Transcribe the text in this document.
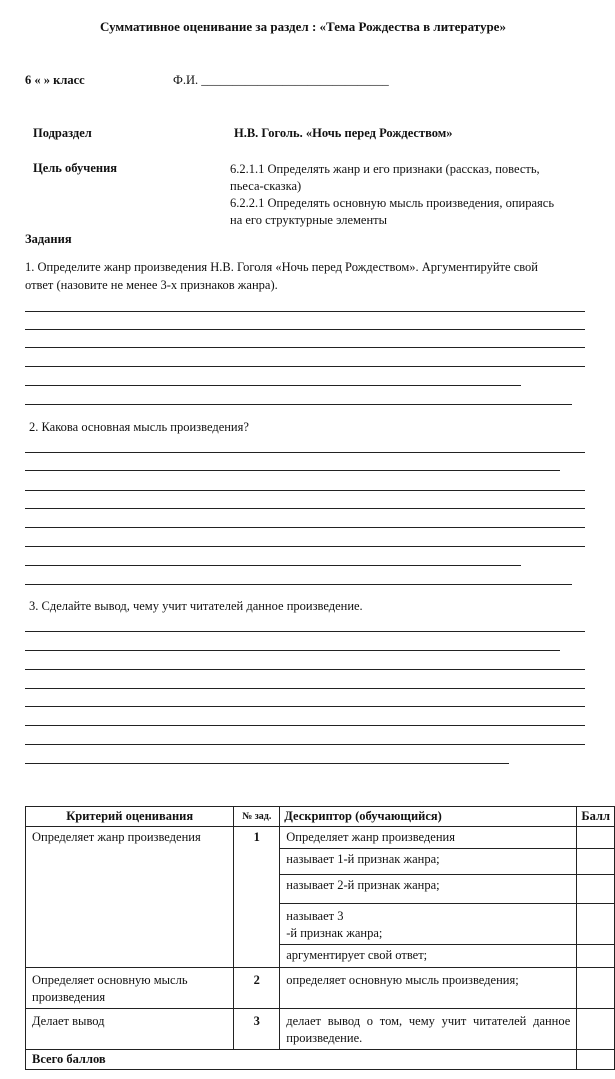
Суммативное оценивание за раздел : «Тема Рождества в литературе»
6 « » класс	Ф.И. ______________________________
Подраздел	Н.В. Гоголь. «Ночь перед Рождеством»
Цель обучения	6.2.1.1 Определять жанр и его признаки (рассказ, повесть,
пьеса-сказка)
6.2.2.1 Определять основную мысль произведения, опираясь
на его структурные элементы
Задания
1. Определите жанр произведения Н.В. Гоголя «Ночь перед Рождеством». Аргументируйте свой
ответ (назовите не менее 3-х признаков жанра).
2. Какова основная мысль произведения?
3. Сделайте вывод, чему учит читателей данное произведение.
Критерий оценивания	№ зад.	Дескриптор (обучающийся)	Балл
Определяет жанр произведения	1	Определяет жанр произведения	
		называет 1-й признак жанра;	
		называет 2-й признак жанра;	

		называет 3
-й признак жанра;	

		аргументирует свой ответ;	
Определяет основную мысль произведения	2	определяет основную мысль произведения;	
Делает вывод	3	делает вывод о том, чему учит читателей данное произведение.	
Всего баллов			
